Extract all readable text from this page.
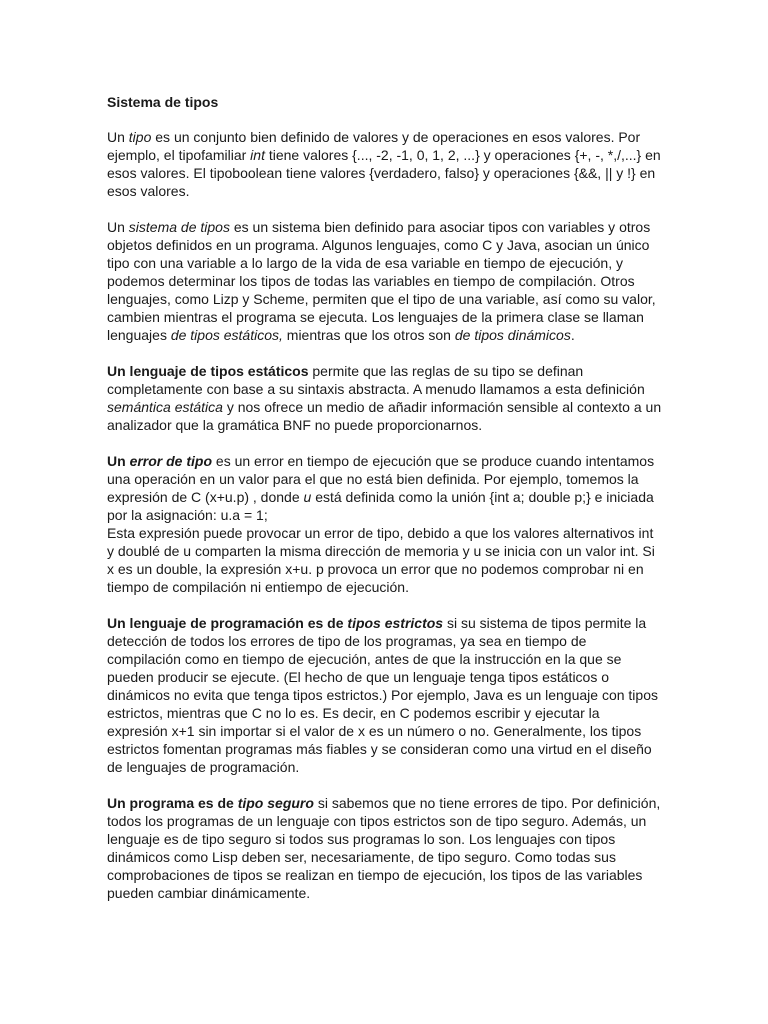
Sistema de tipos

Un tipo es un conjunto bien definido de valores y de operaciones en esos valores. Por ejemplo, el tipofamiliar int tiene valores {..., -2, -1, 0, 1, 2, ...} y operaciones {+, -, *,/,...} en esos valores. El tipoboolean tiene valores {verdadero, falso} y operaciones {&&, || y !} en esos valores.

Un sistema de tipos es un sistema bien definido para asociar tipos con variables y otros objetos definidos en un programa. Algunos lenguajes, como C y Java, asocian un único tipo con una variable a lo largo de la vida de esa variable en tiempo de ejecución, y podemos determinar los tipos de todas las variables en tiempo de compilación. Otros lenguajes, como Lizp y Scheme, permiten que el tipo de una variable, así como su valor, cambien mientras el programa se ejecuta. Los lenguajes de la primera clase se llaman lenguajes de tipos estáticos, mientras que los otros son de tipos dinámicos.

Un lenguaje de tipos estáticos permite que las reglas de su tipo se definan completamente con base a su sintaxis abstracta. A menudo llamamos a esta definición semántica estática y nos ofrece un medio de añadir información sensible al contexto a un analizador que la gramática BNF no puede proporcionarnos.

Un error de tipo es un error en tiempo de ejecución que se produce cuando intentamos una operación en un valor para el que no está bien definida. Por ejemplo, tomemos la expresión de C (x+u.p) , donde u está definida como la unión {int a; double p;} e iniciada por la asignación: u.a = 1;

Esta expresión puede provocar un error de tipo, debido a que los valores alternativos int y doublé de u comparten la misma dirección de memoria y u se inicia con un valor int. Si x es un double, la expresión x+u. p provoca un error que no podemos comprobar ni en tiempo de compilación ni entiempo de ejecución.

Un lenguaje de programación es de tipos estrictos si su sistema de tipos permite la detección de todos los errores de tipo de los programas, ya sea en tiempo de compilación como en tiempo de ejecución, antes de que la instrucción en la que se pueden producir se ejecute. (El hecho de que un lenguaje tenga tipos estáticos o dinámicos no evita que tenga tipos estrictos.) Por ejemplo, Java es un lenguaje con tipos estrictos, mientras que C no lo es. Es decir, en C podemos escribir y ejecutar la expresión x+1 sin importar si el valor de x es un número o no. Generalmente, los tipos estrictos fomentan programas más fiables y se consideran como una virtud en el diseño de lenguajes de programación.

Un programa es de tipo seguro si sabemos que no tiene errores de tipo. Por definición, todos los programas de un lenguaje con tipos estrictos son de tipo seguro. Además, un lenguaje es de tipo seguro si todos sus programas lo son. Los lenguajes con tipos dinámicos como Lisp deben ser, necesariamente, de tipo seguro. Como todas sus comprobaciones de tipos se realizan en tiempo de ejecución, los tipos de las variables pueden cambiar dinámicamente.
